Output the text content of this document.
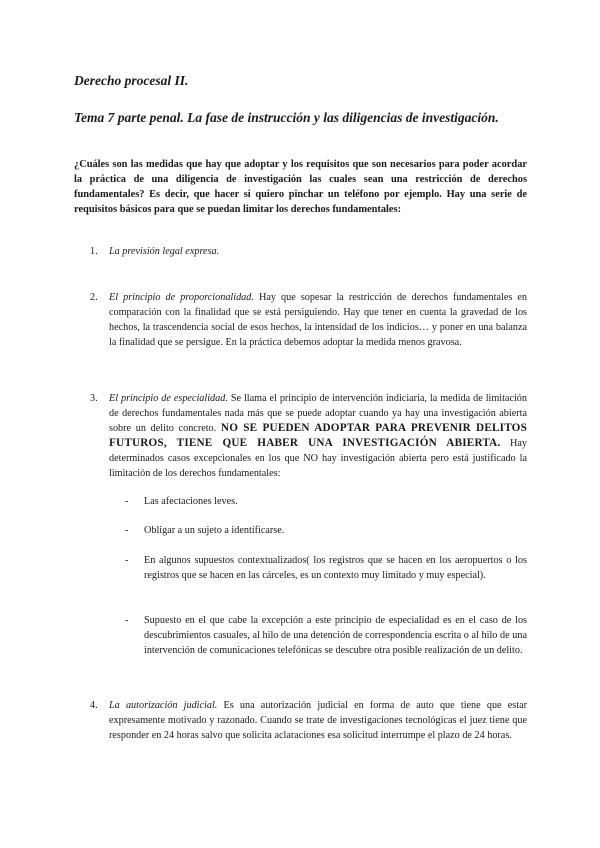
Derecho procesal II.
Tema 7 parte penal. La fase de instrucción y las diligencias de investigación.
¿Cuáles son las medidas que hay que adoptar y los requisitos que son necesarios para poder acordar la práctica de una diligencia de investigación las cuales sean una restricción de derechos fundamentales? Es decir, que hacer si quiero pinchar un teléfono por ejemplo. Hay una serie de requisitos básicos para que se puedan limitar los derechos fundamentales:
1. La previsión legal expresa.
2. El principio de proporcionalidad. Hay que sopesar la restricción de derechos fundamentales en comparación con la finalidad que se está persiguiendo. Hay que tener en cuenta la gravedad de los hechos, la trascendencia social de esos hechos, la intensidad de los indicios… y poner en una balanza la finalidad que se persigue. En la práctica debemos adoptar la medida menos gravosa.
3. El principio de especialidad. Se llama el principio de intervención indiciaria, la medida de limitación de derechos fundamentales nada más que se puede adoptar cuando ya hay una investigación abierta sobre un delito concreto. NO SE PUEDEN ADOPTAR PARA PREVENIR DELITOS FUTUROS, TIENE QUE HABER UNA INVESTIGACIÓN ABIERTA. Hay determinados casos excepcionales en los que NO hay investigación abierta pero está justificado la limitación de los derechos fundamentales:
- Las afectaciones leves.
- Obligar a un sujeto a identificarse.
- En algunos supuestos contextualizados( los registros que se hacen en los aeropuertos o los registros que se hacen en las cárceles, es un contexto muy limitado y muy especial).
- Supuesto en el que cabe la excepción a este principio de especialidad es en el caso de los descubrimientos casuales, al hilo de una detención de correspondencia escrita o al hilo de una intervención de comunicaciones telefónicas se descubre otra posible realización de un delito.
4. La autorización judicial. Es una autorización judicial en forma de auto que tiene que estar expresamente motivado y razonado. Cuando se trate de investigaciones tecnológicas el juez tiene que responder en 24 horas salvo que solicita aclaraciones esa solicitud interrumpe el plazo de 24 horas.
